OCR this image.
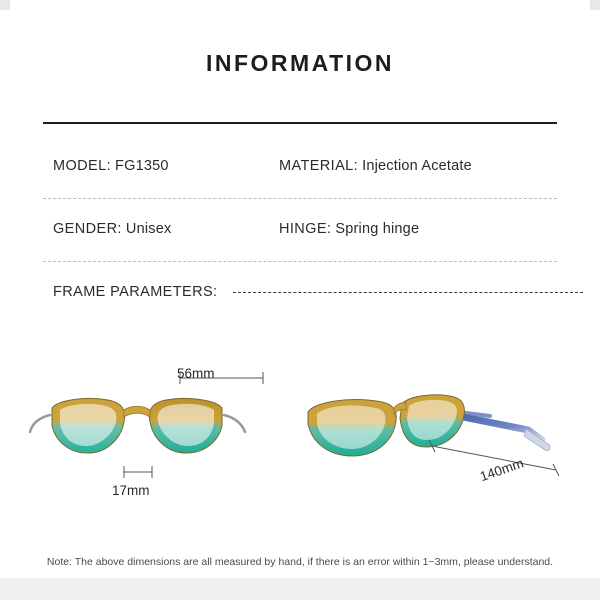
INFORMATION
MODEL: FG1350	MATERIAL: Injection Acetate
GENDER: Unisex	HINGE: Spring hinge
FRAME PARAMETERS:
56mm
17mm
140mm
Note: The above dimensions are all measured by hand, if there is an error within 1~3mm, please understand.
